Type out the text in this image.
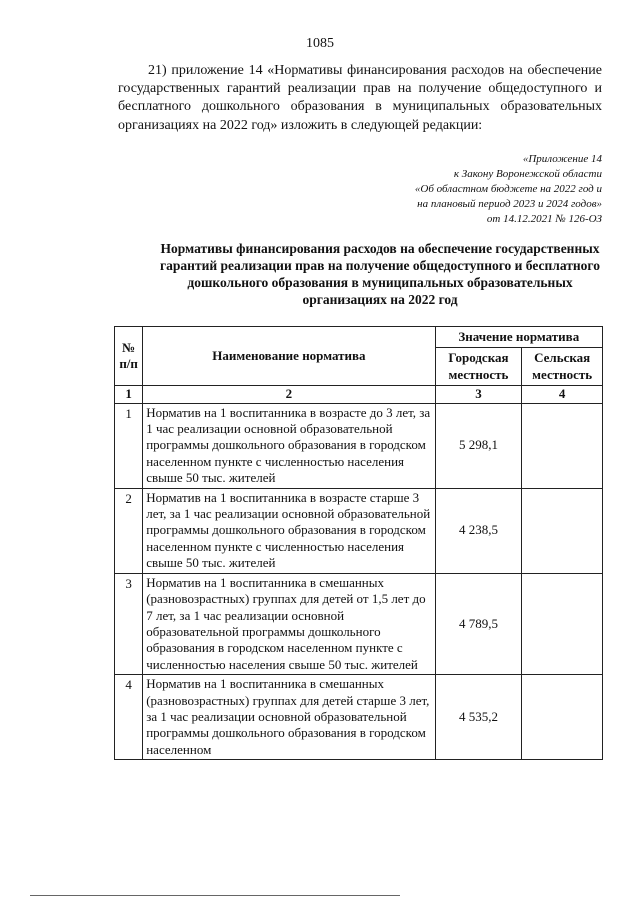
1085
21) приложение 14 «Нормативы финансирования расходов на обеспечение государственных гарантий реализации прав на получение общедоступного и бесплатного дошкольного образования в муниципальных образовательных организациях на 2022 год» изложить в следующей редакции:
«Приложение 14
к Закону Воронежской области
«Об областном бюджете на 2022 год и
на плановый период 2023 и 2024 годов»
от 14.12.2021 № 126-ОЗ
Нормативы финансирования расходов на обеспечение государственных гарантий реализации прав на получение общедоступного и бесплатного дошкольного образования в муниципальных образовательных организациях на 2022 год
№ п/п	Наименование норматива	Значение норматива	
		Городская местность	Сельская местность
1	2	3	4
1	Норматив на 1 воспитанника в возрасте до 3 лет, за 1 час реализации основной образовательной программы дошкольного образования в городском населенном пункте с численностью населения свыше 50 тыс. жителей	5 298,1	
2	Норматив на 1 воспитанника в возрасте старше 3 лет, за 1 час реализации основной образовательной программы дошкольного образования в городском населенном пункте с численностью населения свыше 50 тыс. жителей	4 238,5	
3	Норматив на 1 воспитанника в смешанных (разновозрастных) группах для детей от 1,5 лет до 7 лет, за 1 час реализации основной образовательной программы дошкольного образования в городском населенном пункте с численностью населения свыше 50 тыс. жителей	4 789,5	
4	Норматив на 1 воспитанника в смешанных (разновозрастных) группах для детей старше 3 лет, за 1 час реализации основной образовательной программы дошкольного образования в городском населенном	4 535,2	
